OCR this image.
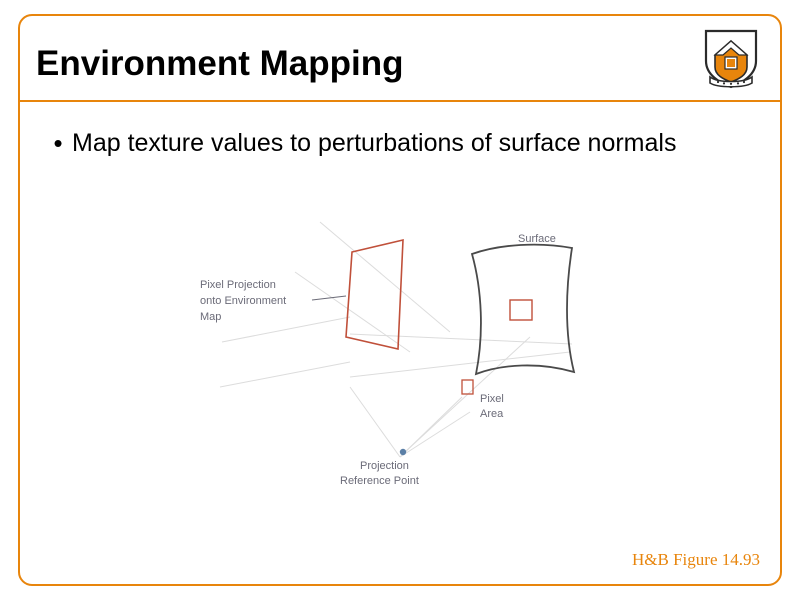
Environment Mapping
• Map texture values to perturbations of surface normals
Pixel Projection
onto Environment
Map
Surface
Pixel
Area
Projection
Reference Point
H&B Figure 14.93
